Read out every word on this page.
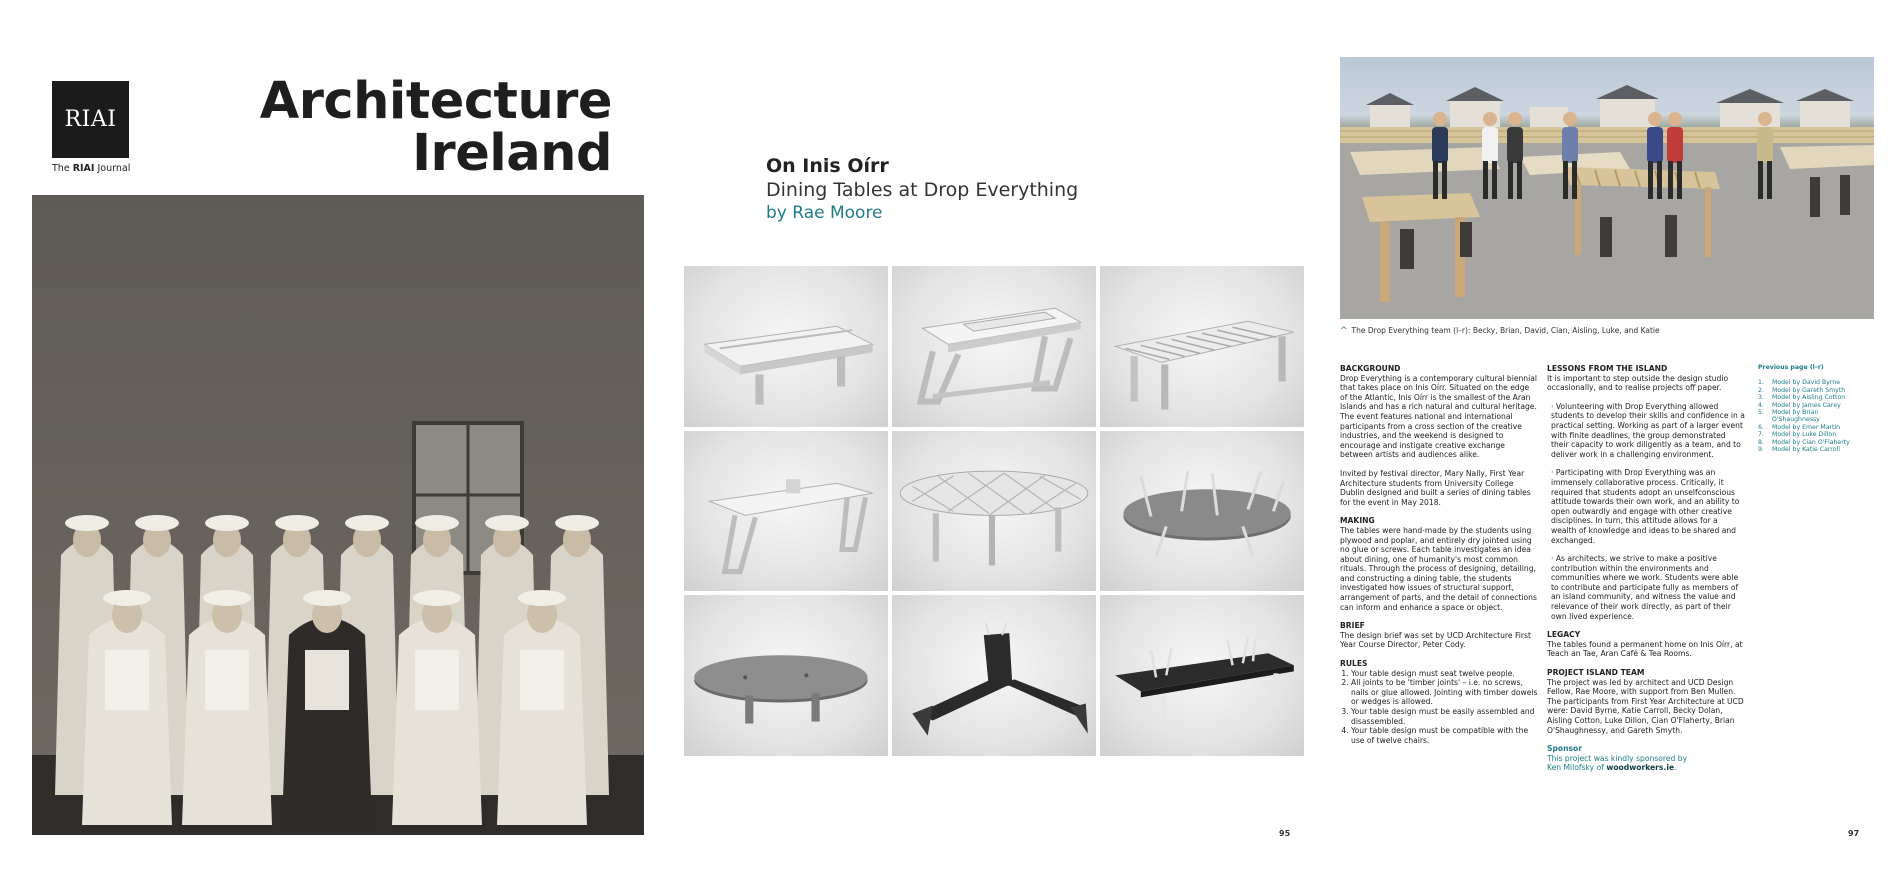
RIAI
The RIAI Journal
Architecture
Ireland	On Inis Oírr
Dining Tables at Drop Everything
by Rae Moore
95
^ The Drop Everything team (l–r): Becky, Brian, David, Cian, Aisling, Luke, and Katie
BACKGROUND

Drop Everything is a contemporary cultural biennial that takes place on Inis Oírr. Situated on the edge of the Atlantic, Inis Oírr is the smallest of the Aran Islands and has a rich natural and cultural heritage. The event features national and international participants from a cross section of the creative industries, and the weekend is designed to encourage and instigate creative exchange between artists and audiences alike.

Invited by festival director, Mary Nally, First Year Architecture students from University College Dublin designed and built a series of dining tables for the event in May 2018.

MAKING

The tables were hand-made by the students using plywood and poplar, and entirely dry jointed using no glue or screws. Each table investigates an idea about dining, one of humanity's most common rituals. Through the process of designing, detailing, and constructing a dining table, the students investigated how issues of structural support, arrangement of parts, and the detail of connections can inform and enhance a space or object.

BRIEF

The design brief was set by UCD Architecture First Year Course Director, Peter Cody.

RULES
1. Your table design must seat twelve people.
2. All joints to be 'timber joints' – i.e. no screws, nails or glue allowed. Jointing with timber dowels or wedges is allowed.
3. Your table design must be easily assembled and disassembled.
4. Your table design must be compatible with the use of twelve chairs.
LESSONS FROM THE ISLAND

It is important to step outside the design studio occasionally, and to realise projects off paper.

· Volunteering with Drop Everything allowed students to develop their skills and confidence in a practical setting. Working as part of a larger event with finite deadlines, the group demonstrated their capacity to work diligently as a team, and to deliver work in a challenging environment.

· Participating with Drop Everything was an immensely collaborative process. Critically, it required that students adopt an unselfconscious attitude towards their own work, and an ability to open outwardly and engage with other creative disciplines. In turn, this attitude allows for a wealth of knowledge and ideas to be shared and exchanged.

· As architects, we strive to make a positive contribution within the environments and communities where we work. Students were able to contribute and participate fully as members of an island community, and witness the value and relevance of their work directly, as part of their own lived experience.

LEGACY

The tables found a permanent home on Inis Oírr, at Teach an Tae, Aran Café & Tea Rooms.

PROJECT ISLAND TEAM

The project was led by architect and UCD Design Fellow, Rae Moore, with support from Ben Mullen. The participants from First Year Architecture at UCD were: David Byrne, Katie Carroll, Becky Dolan, Aisling Cotton, Luke Dillon, Cian O'Flaherty, Brian O'Shaughnessy, and Gareth Smyth.

Sponsor
This project was kindly sponsored by
Ken Milofsky of woodworkers.ie.
Previous page (l–r)
1.	Model by David Byrne
2.	Model by Gareth Smyth
3.	Model by Aisling Cotton
4.	Model by James Carey
5.	Model by Brian O'Shaughnessy
6.	Model by Emer Martin
7.	Model by Luke Dillon
8.	Model by Cian O'Flaherty
9.	Model by Katie Carroll
97
